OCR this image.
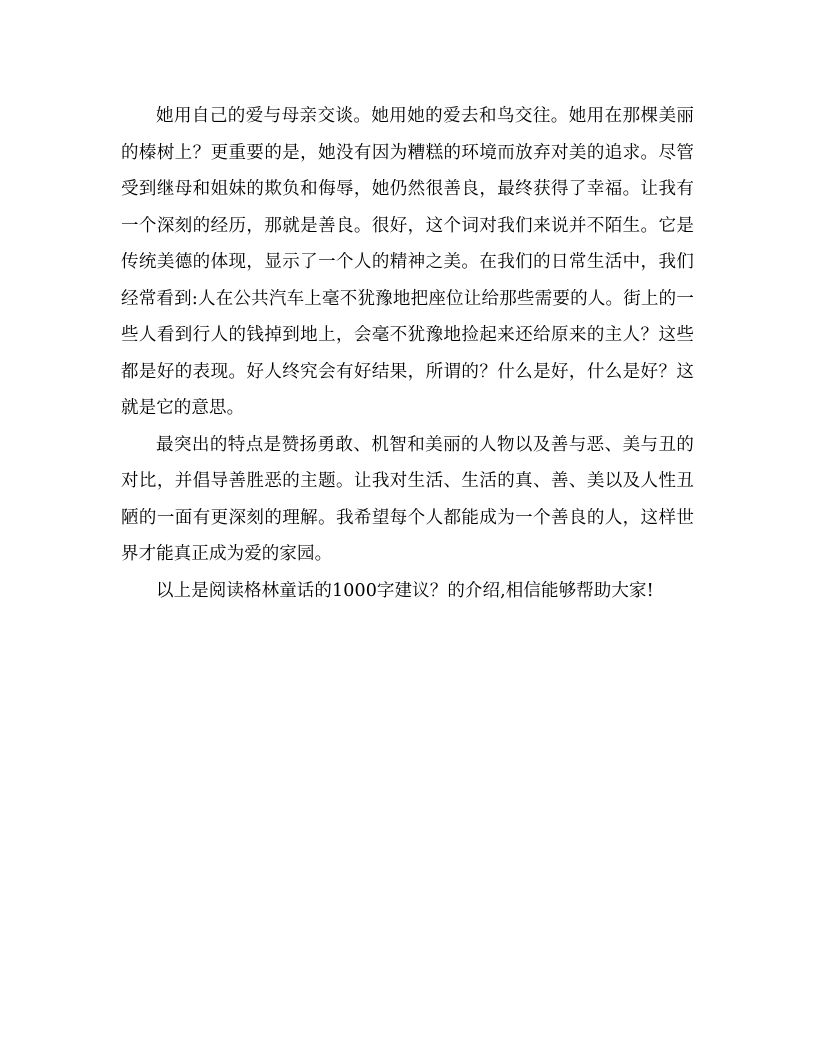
她用自己的爱与母亲交谈。她用她的爱去和鸟交往。她用在那棵美丽的榛树上？更重要的是，她没有因为糟糕的环境而放弃对美的追求。尽管受到继母和姐妹的欺负和侮辱，她仍然很善良，最终获得了幸福。让我有一个深刻的经历，那就是善良。很好，这个词对我们来说并不陌生。它是传统美德的体现，显示了一个人的精神之美。在我们的日常生活中，我们经常看到:人在公共汽车上毫不犹豫地把座位让给那些需要的人。街上的一些人看到行人的钱掉到地上，会毫不犹豫地捡起来还给原来的主人？这些都是好的表现。好人终究会有好结果，所谓的？什么是好，什么是好？这就是它的意思。

最突出的特点是赞扬勇敢、机智和美丽的人物以及善与恶、美与丑的对比，并倡导善胜恶的主题。让我对生活、生活的真、善、美以及人性丑陋的一面有更深刻的理解。我希望每个人都能成为一个善良的人，这样世界才能真正成为爱的家园。

以上是阅读格林童话的1000字建议？的介绍,相信能够帮助大家!
